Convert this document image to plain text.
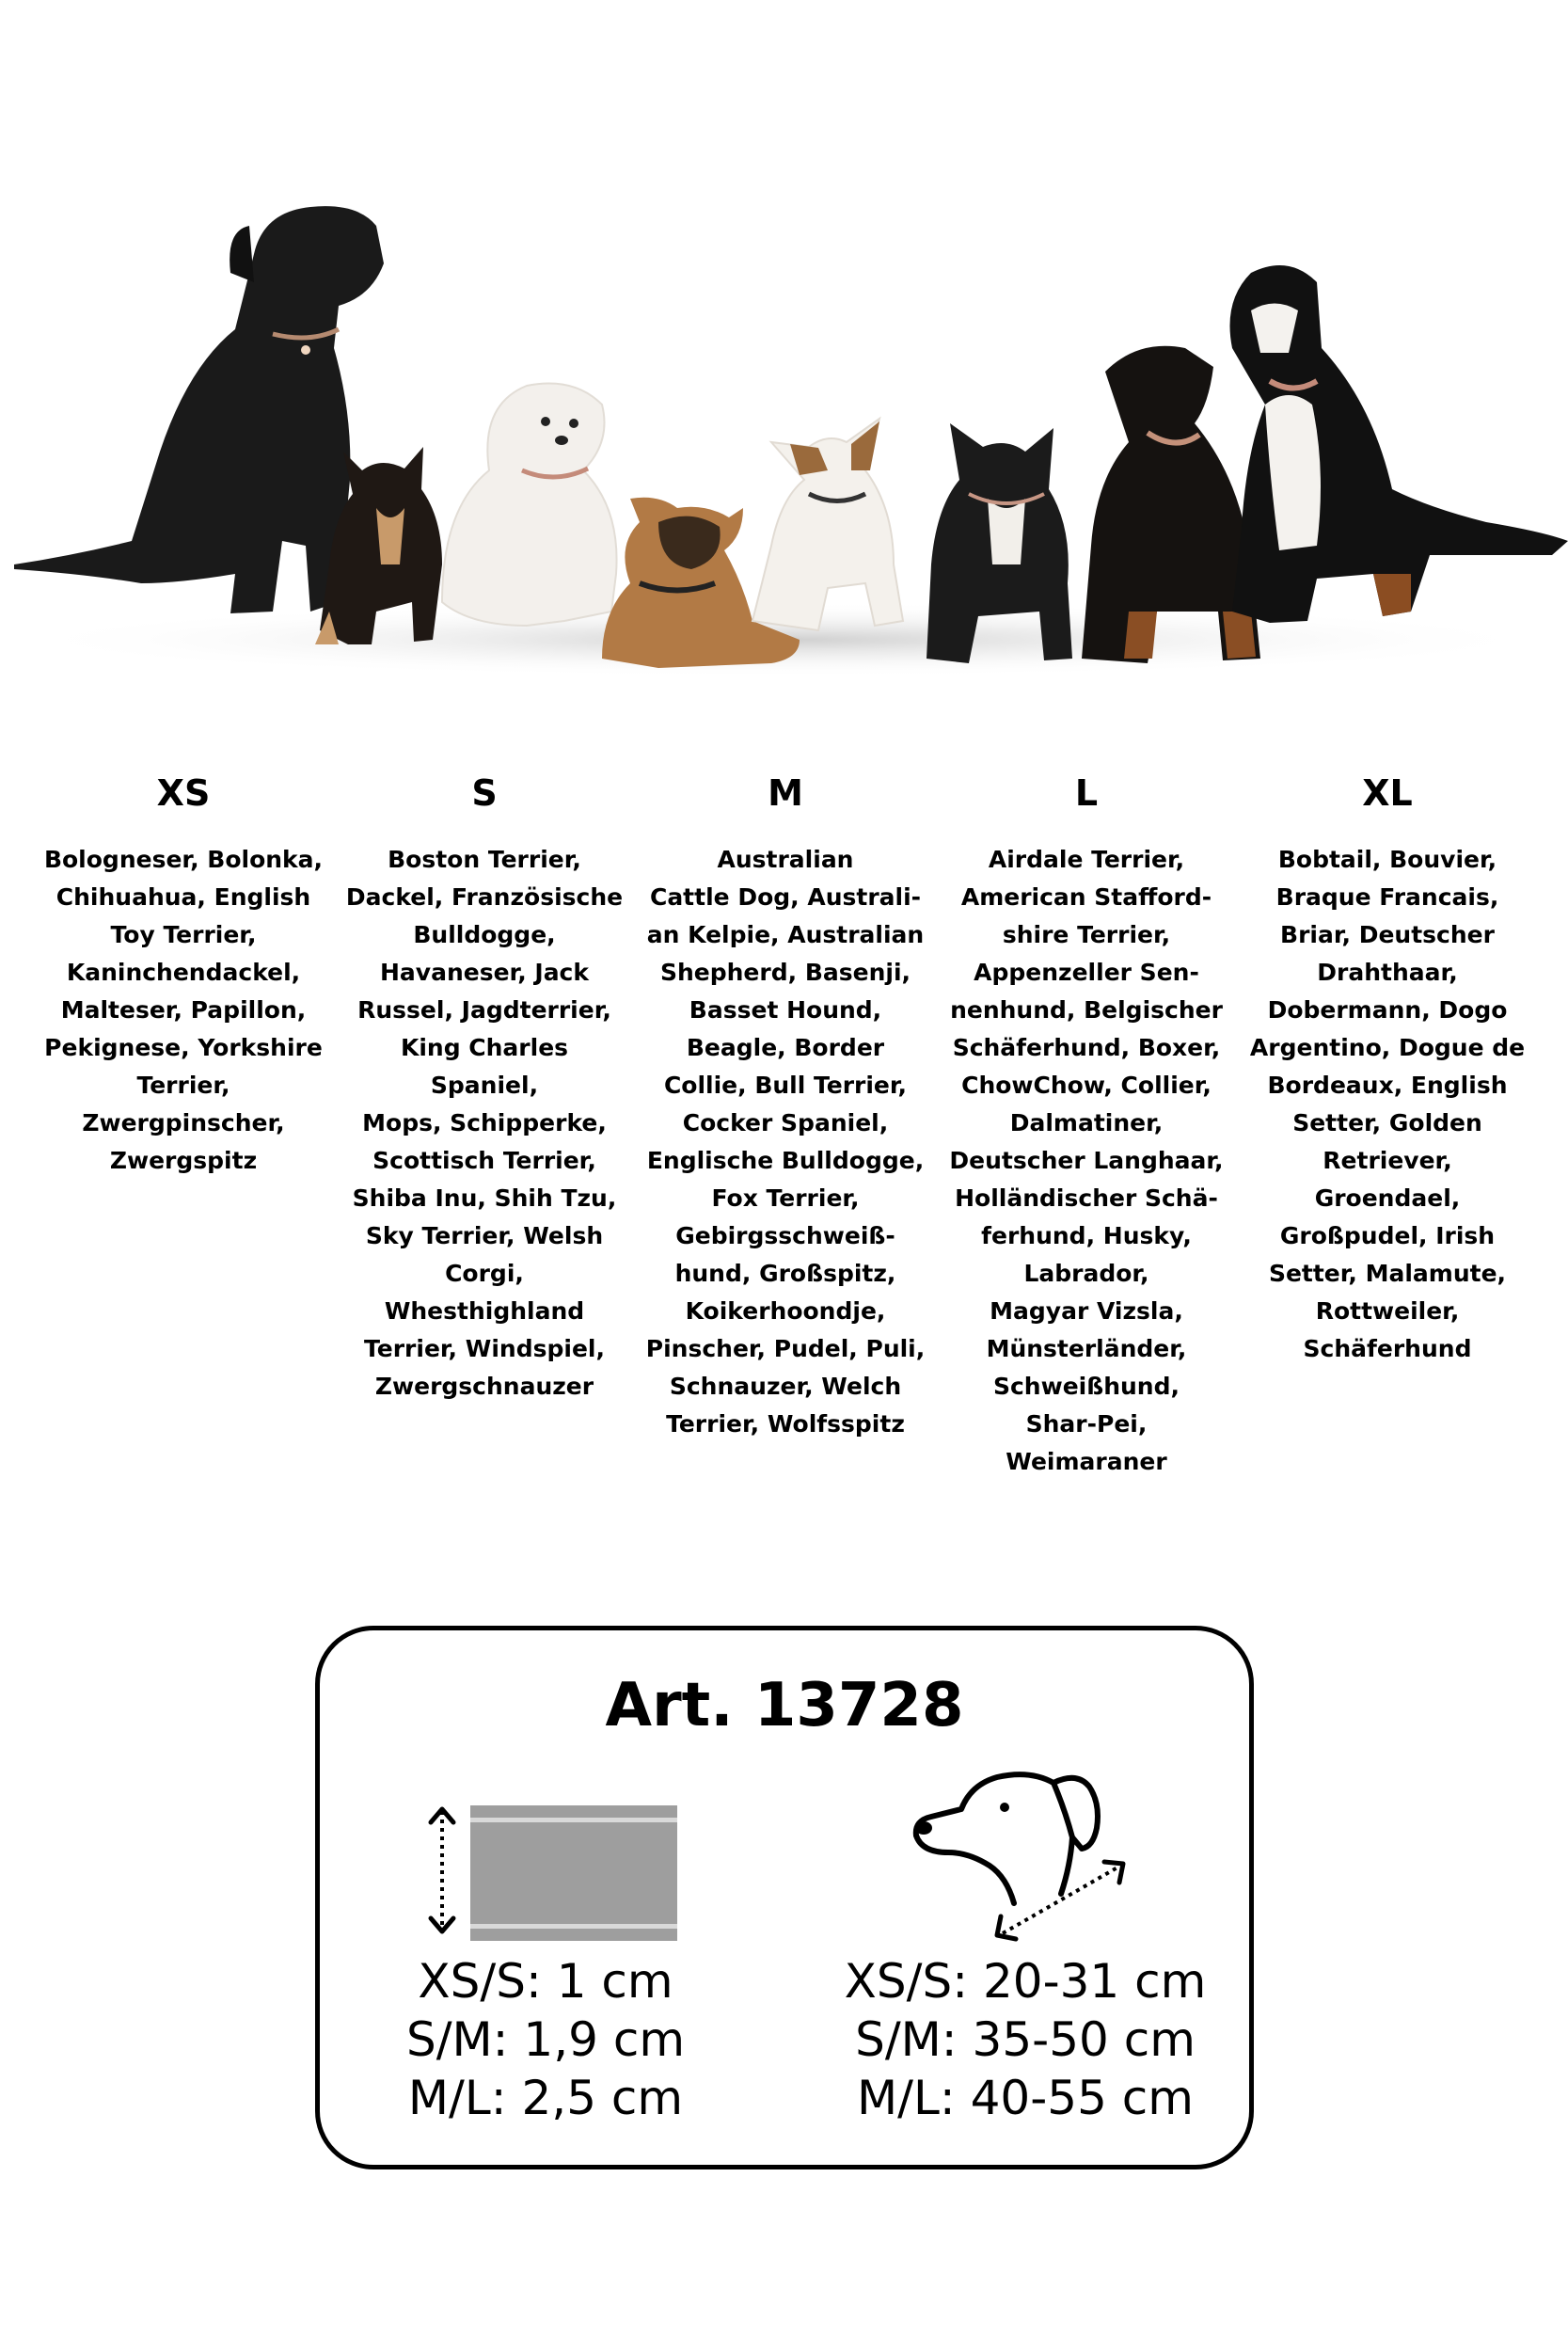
XS

Bologneser, Bolonka,
Chihuahua, English
Toy Terrier,
Kaninchendackel,
Malteser, Papillon,
Pekignese, Yorkshire
Terrier,
Zwergpinscher,
Zwergspitz

S

Boston Terrier,
Dackel, Französische
Bulldogge,
Havaneser, Jack
Russel, Jagdterrier,
King Charles Spaniel,
Mops, Schipperke,
Scottisch Terrier,
Shiba Inu, Shih Tzu,
Sky Terrier, Welsh
Corgi,
Whesthighland
Terrier, Windspiel,
Zwergschnauzer

M

Australian
Cattle Dog, Australi-
an Kelpie, Australian
Shepherd, Basenji,
Basset Hound,
Beagle, Border
Collie, Bull Terrier,
Cocker Spaniel,
Englische Bulldogge,
Fox Terrier,
Gebirgsschweiß-
hund, Großspitz,
Koikerhoondje,
Pinscher, Pudel, Puli,
Schnauzer, Welch
Terrier, Wolfsspitz

L

Airdale Terrier,
American Stafford-
shire Terrier,
Appenzeller Sen-
nenhund, Belgischer
Schäferhund, Boxer,
ChowChow, Collier,
Dalmatiner,
Deutscher Langhaar,
Holländischer Schä-
ferhund, Husky,
Labrador,
Magyar Vizsla,
Münsterländer,
Schweißhund,
Shar-Pei,
Weimaraner

XL

Bobtail, Bouvier,
Braque Francais,
Briar, Deutscher
Drahthaar,
Dobermann, Dogo
Argentino, Dogue de
Bordeaux, English
Setter, Golden
Retriever, Groendael,
Großpudel, Irish
Setter, Malamute,
Rottweiler,
Schäferhund

Art. 13728
XS/S: 1 cm
S/M: 1,9 cm
M/L: 2,5 cm
XS/S: 20-31 cm
S/M: 35-50 cm
M/L: 40-55 cm
